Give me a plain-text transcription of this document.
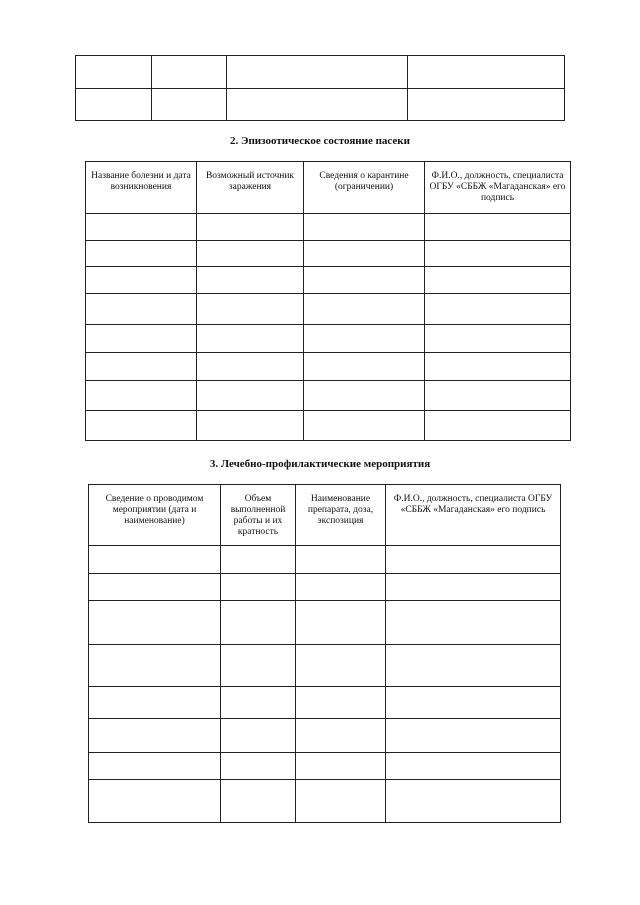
2. Эпизоотическое состояние пасеки
Название болезни и дата возникновения	Возможный источник заражения	Сведения о карантине (ограничении)	Ф.И.О., должность, специалиста ОГБУ «СББЖ «Магаданская» его подпись

3. Лечебно-профилактические мероприятия
Сведение о проводимом мероприятии (дата и наименование)	Объем выполненной работы и их кратность	Наименование препарата, доза, экспозиция	Ф.И.О., должность, специалиста ОГБУ «СББЖ «Магаданская» его подпись
